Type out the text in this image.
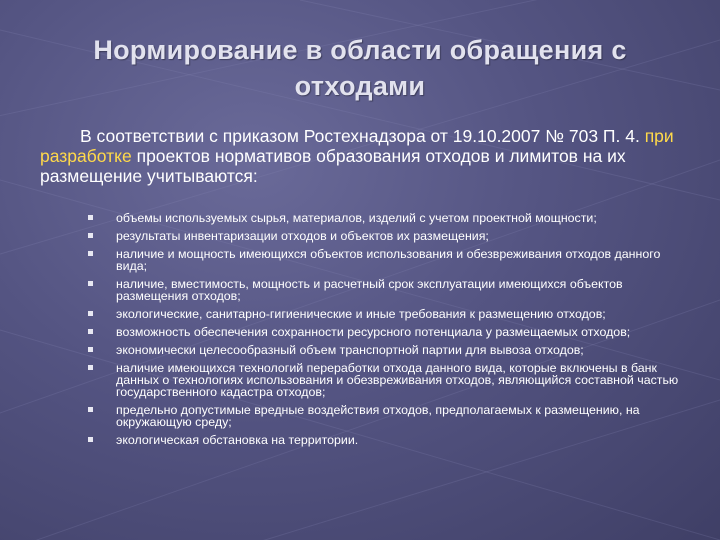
Нормирование в области обращения с
отходами
В соответствии с приказом Ростехнадзора от 19.10.2007 № 703 П. 4. при разработке проектов нормативов образования отходов и лимитов на их размещение учитываются:
объемы используемых сырья, материалов, изделий с учетом проектной мощности;
результаты инвентаризации отходов и объектов их размещения;
наличие и мощность имеющихся объектов использования и обезвреживания отходов данного вида;
наличие, вместимость, мощность и расчетный срок эксплуатации имеющихся объектов размещения отходов;
экологические, санитарно-гигиенические и иные требования к размещению отходов;
возможность обеспечения сохранности ресурсного потенциала у размещаемых отходов;
экономически целесообразный объем транспортной партии для вывоза отходов;
наличие имеющихся технологий переработки отхода данного вида, которые включены в банк данных о технологиях использования и обезвреживания отходов, являющийся составной частью государственного кадастра отходов;
предельно допустимые вредные воздействия отходов, предполагаемых к размещению, на окружающую среду;
экологическая обстановка на территории.
